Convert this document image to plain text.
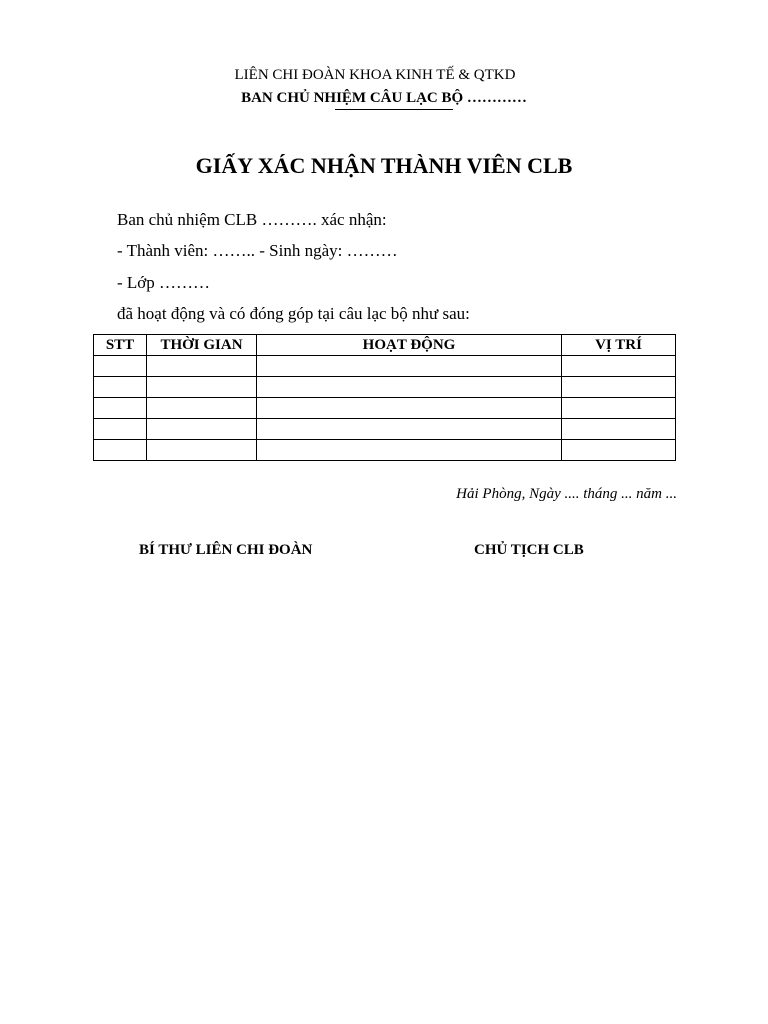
LIÊN CHI ĐOÀN KHOA KINH TẾ & QTKD
BAN CHỦ NHIỆM CÂU LẠC BỘ …………
GIẤY XÁC NHẬN THÀNH VIÊN CLB
Ban chủ nhiệm CLB ………. xác nhận:
- Thành viên: …….. - Sinh ngày: ………
- Lớp ………
đã hoạt động và có đóng góp tại câu lạc bộ như sau:
STT	THỜI GIAN	HOẠT ĐỘNG	VỊ TRÍ

Hải Phòng, Ngày .... tháng ... năm ...
BÍ THƯ LIÊN CHI ĐOÀN	CHỦ TỊCH CLB
